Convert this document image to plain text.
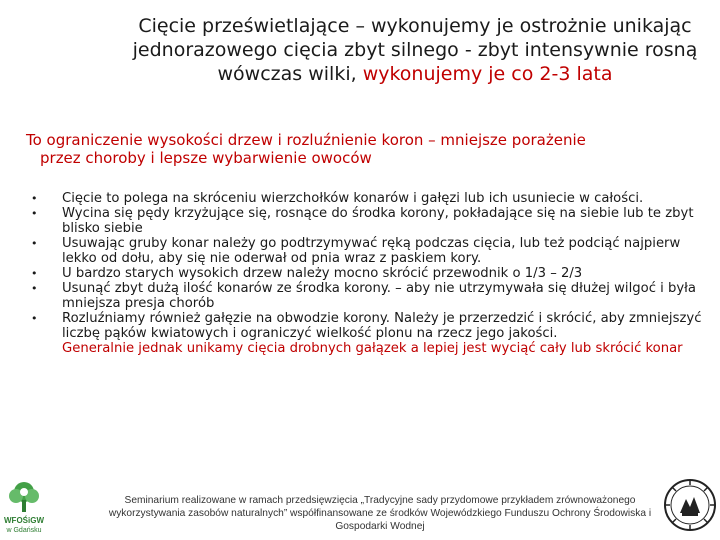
Cięcie prześwietlające – wykonujemy je ostrożnie unikając
jednorazowego cięcia zbyt silnego - zbyt intensywnie rosną
wówczas wilki, wykonujemy je co 2-3 lata
To ograniczenie wysokości drzew i rozluźnienie koron – mniejsze porażenie
przez choroby i lepsze wybarwienie owoców
• Cięcie to polega na skróceniu wierzchołków konarów i gałęzi lub ich usuniecie w całości.
• Wycina się pędy krzyżujące się, rosnące do środka korony, pokładające się na siebie lub te zbyt blisko siebie
• Usuwając gruby konar należy go podtrzymywać ręką podczas cięcia, lub też podciąć najpierw lekko od dołu, aby się nie oderwał od pnia wraz z paskiem kory.
• U bardzo starych wysokich drzew należy mocno skrócić przewodnik o 1/3 – 2/3
• Usunąć zbyt dużą ilość konarów ze środka korony. – aby nie utrzymywała się dłużej wilgoć i była mniejsza presja chorób
• Rozluźniamy również gałęzie na obwodzie korony. Należy je przerzedzić i skrócić, aby zmniejszyć liczbę pąków kwiatowych i ograniczyć wielkość plonu na rzecz jego jakości.
Generalnie jednak unikamy cięcia drobnych gałązek a lepiej jest wyciąć cały lub skrócić konar
WFOŚiGW
w Gdańsku
Seminarium realizowane w ramach przedsięwzięcia „Tradycyjne sady przydomowe przykładem zrównoważonego
wykorzystywania zasobów naturalnych” współfinansowane ze środków Wojewódzkiego Funduszu Ochrony Środowiska i
Gospodarki Wodnej
